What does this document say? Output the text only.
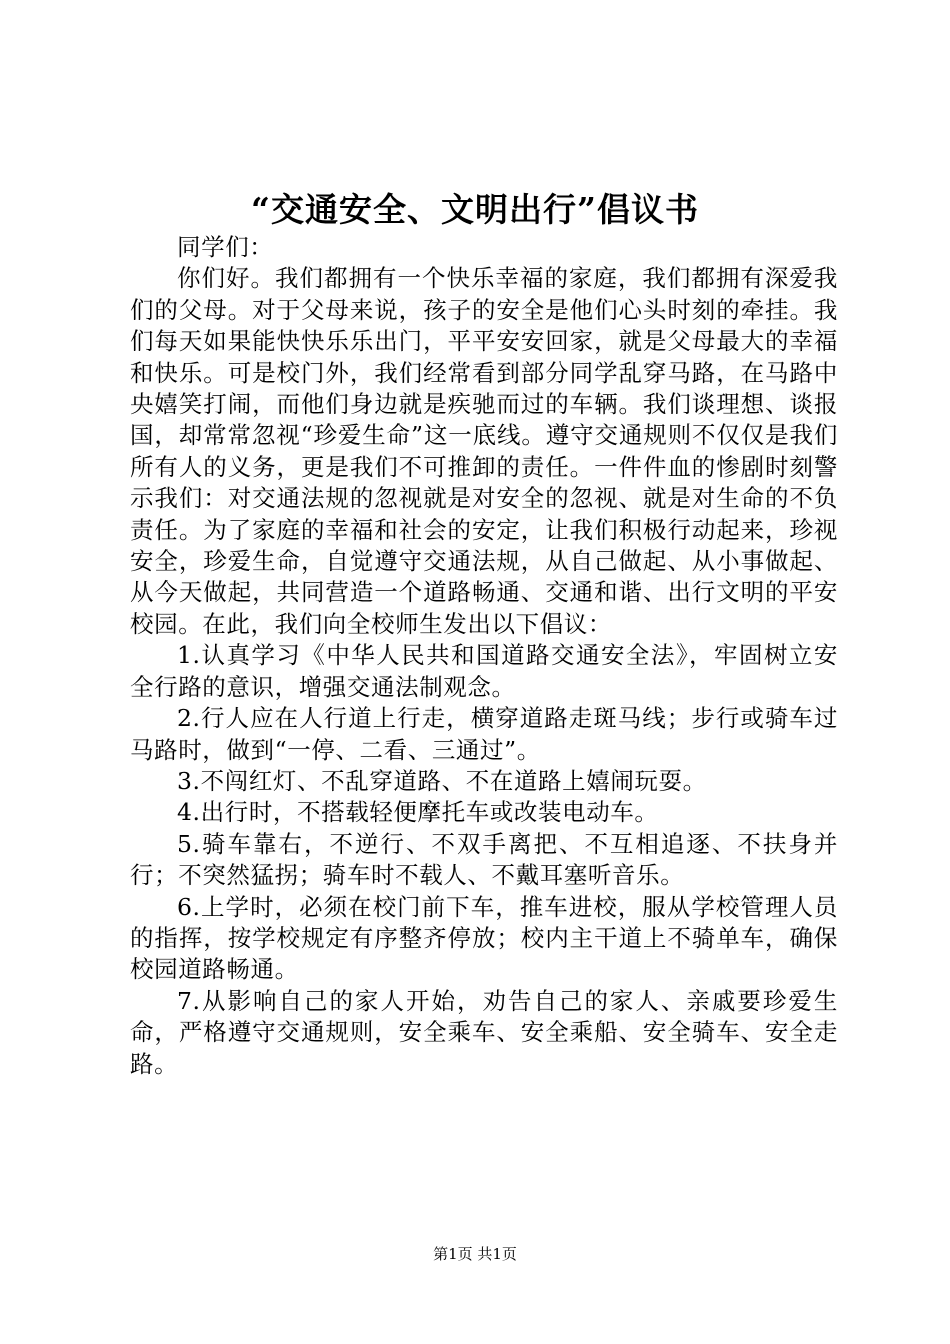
“交通安全、文明出行”倡议书

同学们：

你们好。我们都拥有一个快乐幸福的家庭，我们都拥有深爱我们的父母。对于父母来说，孩子的安全是他们心头时刻的牵挂。我们每天如果能快快乐乐出门，平平安安回家，就是父母最大的幸福和快乐。可是校门外，我们经常看到部分同学乱穿马路，在马路中央嬉笑打闹，而他们身边就是疾驰而过的车辆。我们谈理想、谈报国，却常常忽视“珍爱生命”这一底线。遵守交通规则不仅仅是我们所有人的义务，更是我们不可推卸的责任。一件件血的惨剧时刻警示我们：对交通法规的忽视就是对安全的忽视、就是对生命的不负责任。为了家庭的幸福和社会的安定，让我们积极行动起来，珍视安全，珍爱生命，自觉遵守交通法规，从自己做起、从小事做起、从今天做起，共同营造一个道路畅通、交通和谐、出行文明的平安校园。在此，我们向全校师生发出以下倡议：

1.认真学习《中华人民共和国道路交通安全法》，牢固树立安全行路的意识，增强交通法制观念。

2.行人应在人行道上行走，横穿道路走斑马线；步行或骑车过马路时，做到“一停、二看、三通过”。

3.不闯红灯、不乱穿道路、不在道路上嬉闹玩耍。

4.出行时，不搭载轻便摩托车或改装电动车。

5.骑车靠右，不逆行、不双手离把、不互相追逐、不扶身并行；不突然猛拐；骑车时不载人、不戴耳塞听音乐。

6.上学时，必须在校门前下车，推车进校，服从学校管理人员的指挥，按学校规定有序整齐停放；校内主干道上不骑单车，确保校园道路畅通。

7.从影响自己的家人开始，劝告自己的家人、亲戚要珍爱生命，严格遵守交通规则，安全乘车、安全乘船、安全骑车、安全走路。

第1页 共1页
